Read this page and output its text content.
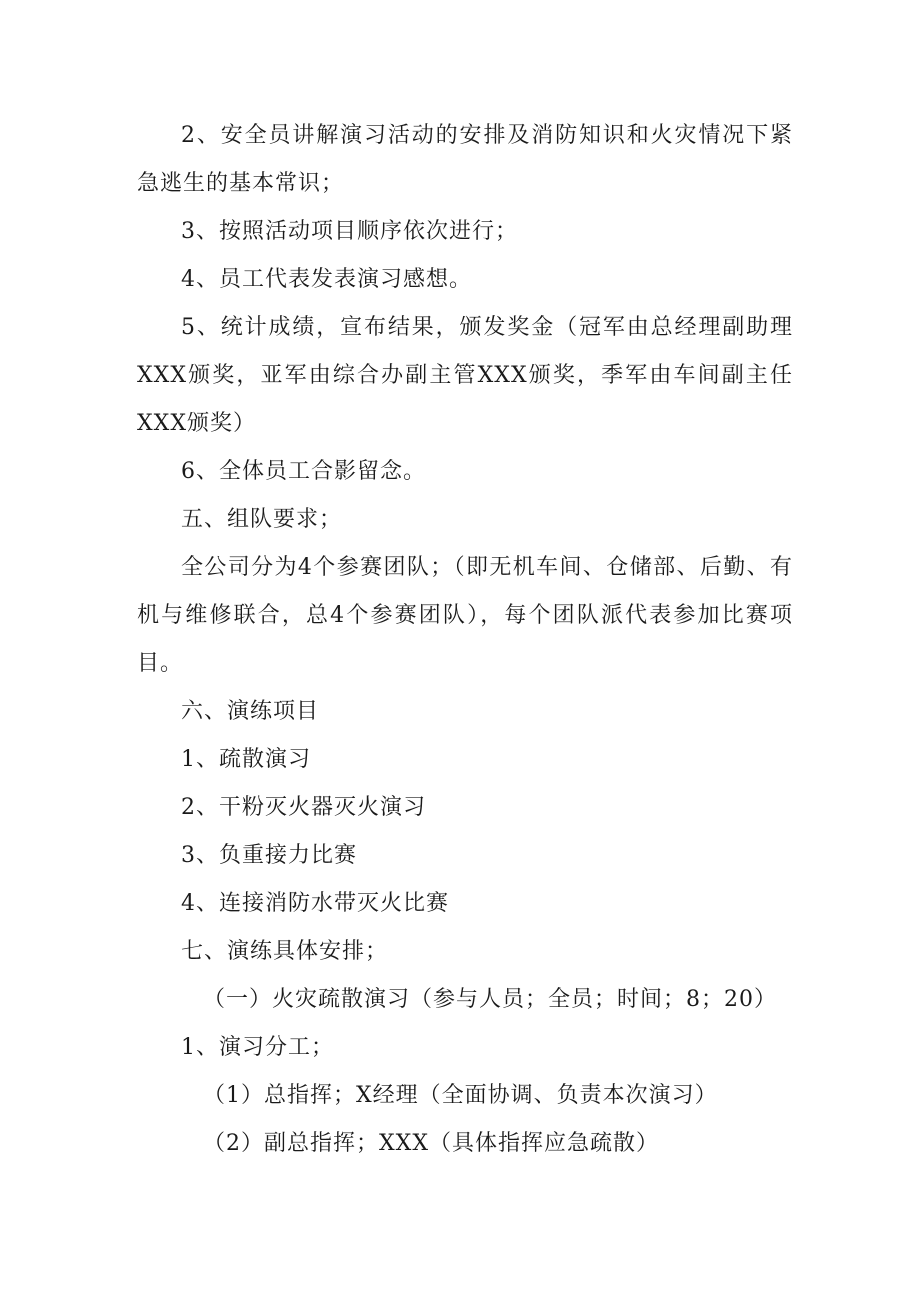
2、安全员讲解演习活动的安排及消防知识和火灾情况下紧急逃生的基本常识；

3、按照活动项目顺序依次进行；

4、员工代表发表演习感想。

5、统计成绩，宣布结果，颁发奖金（冠军由总经理副助理XXX颁奖，亚军由综合办副主管XXX颁奖，季军由车间副主任XXX颁奖）

6、全体员工合影留念。

五、组队要求；

全公司分为4个参赛团队；（即无机车间、仓储部、后勤、有机与维修联合，总4个参赛团队），每个团队派代表参加比赛项目。

六、演练项目

1、疏散演习

2、干粉灭火器灭火演习

3、负重接力比赛

4、连接消防水带灭火比赛

七、演练具体安排；

（一）火灾疏散演习（参与人员；全员；时间；8；20）

1、演习分工；

（1）总指挥；X经理（全面协调、负责本次演习）

（2）副总指挥；XXX（具体指挥应急疏散）
